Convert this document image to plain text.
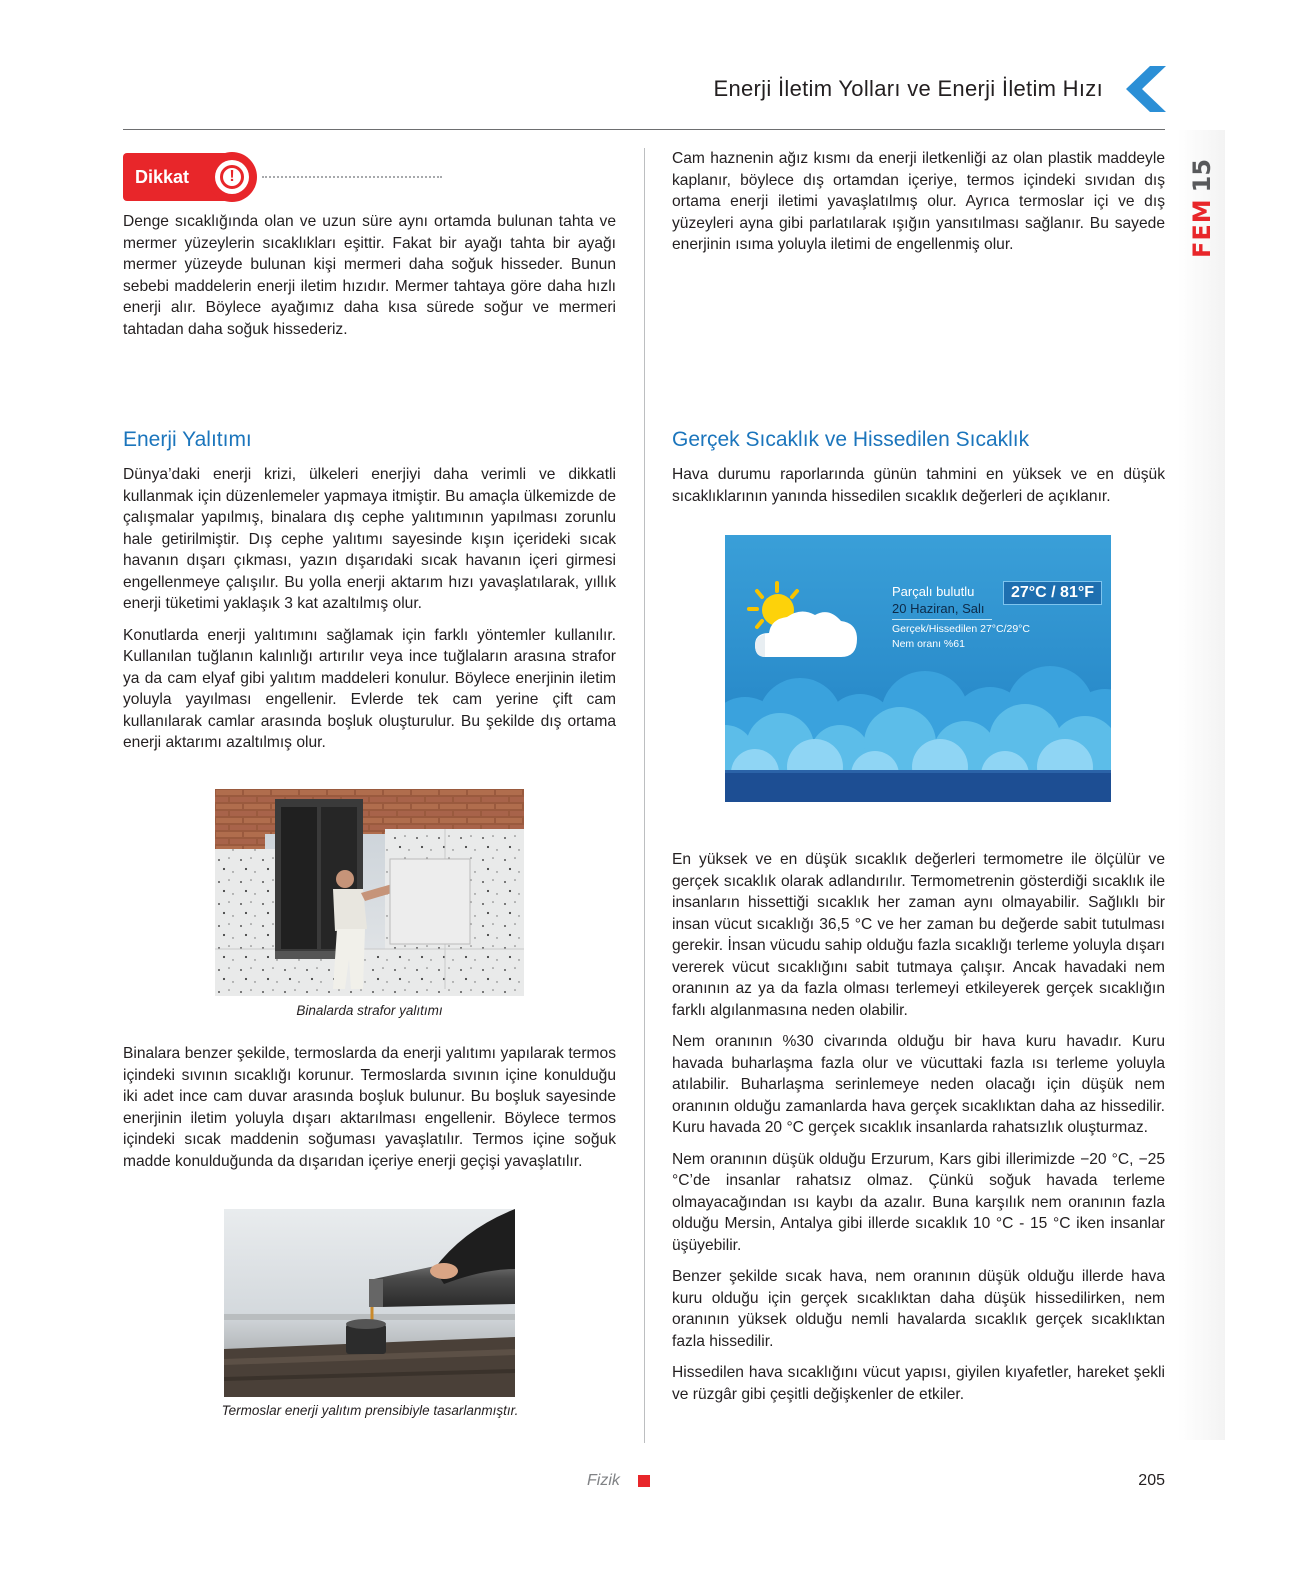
Enerji İletim Yolları ve Enerji İletim Hızı
FEM
15
Dikkat	!

Denge sıcaklığında olan ve uzun süre aynı ortamda bulunan tahta ve mermer yüzeylerin sıcaklıkları eşittir. Fakat bir ayağı tahta bir ayağı mermer yüzeyde bulunan kişi mermeri daha soğuk hisseder. Bunun sebebi maddelerin enerji iletim hızıdır. Mermer tahtaya göre daha hızlı enerji alır. Böylece ayağımız daha kısa sürede soğur ve mermeri tahtadan daha soğuk hissederiz.

Enerji Yalıtımı

Dünya’daki enerji krizi, ülkeleri enerjiyi daha verimli ve dikkatli kullanmak için düzenlemeler yapmaya itmiştir. Bu amaçla ülkemizde de çalışmalar yapılmış, binalara dış cephe yalıtımının yapılması zorunlu hale getirilmiştir. Dış cephe yalıtımı sayesinde kışın içerideki sıcak havanın dışarı çıkması, yazın dışarıdaki sıcak havanın içeri girmesi engellenmeye çalışılır. Bu yolla enerji aktarım hızı yavaşlatılarak, yıllık enerji tüketimi yaklaşık 3 kat azaltılmış olur.

Konutlarda enerji yalıtımını sağlamak için farklı yöntemler kullanılır. Kullanılan tuğlanın kalınlığı artırılır veya ince tuğlaların arasına strafor ya da cam elyaf gibi yalıtım maddeleri konulur. Böylece enerjinin iletim yoluyla yayılması engellenir. Evlerde tek cam yerine çift cam kullanılarak camlar arasında boşluk oluşturulur. Bu şekilde dış ortama enerji aktarımı azaltılmış olur.

Binalarda strafor yalıtımı

Binalara benzer şekilde, termoslarda da enerji yalıtımı yapılarak termos içindeki sıvının sıcaklığı korunur. Termoslarda sıvının içine konulduğu iki adet ince cam duvar arasında boşluk bulunur. Bu boşluk sayesinde enerjinin iletim yoluyla dışarı aktarılması engellenir. Böylece termos içindeki sıcak maddenin soğuması yavaşlatılır. Termos içine soğuk madde konulduğunda da dışarıdan içeriye enerji geçişi yavaşlatılır.

Termoslar enerji yalıtım prensibiyle tasarlanmıştır.

Cam haznenin ağız kısmı da enerji iletkenliği az olan plastik maddeyle kaplanır, böylece dış ortamdan içeriye, termos içindeki sıvıdan dış ortama enerji iletimi yavaşlatılmış olur. Ayrıca termoslar içi ve dış yüzeyleri ayna gibi parlatılarak ışığın yansıtılması sağlanır. Bu sayede enerjinin ısıma yoluyla iletimi de engellenmiş olur.

Gerçek Sıcaklık ve Hissedilen Sıcaklık

Hava durumu raporlarında günün tahmini en yüksek ve en düşük sıcaklıklarının yanında hissedilen sıcaklık değerleri de açıklanır.

Parçalı bulutlu	27°C / 81°F
20 Haziran, Salı
Gerçek/Hissedilen 27°C/29°C
Nem oranı %61

En yüksek ve en düşük sıcaklık değerleri termometre ile ölçülür ve gerçek sıcaklık olarak adlandırılır. Termometrenin gösterdiği sıcaklık ile insanların hissettiği sıcaklık her zaman aynı olmayabilir. Sağlıklı bir insan vücut sıcaklığı 36,5 °C ve her zaman bu değerde sabit tutulması gerekir. İnsan vücudu sahip olduğu fazla sıcaklığı terleme yoluyla dışarı vererek vücut sıcaklığını sabit tutmaya çalışır. Ancak havadaki nem oranının az ya da fazla olması terlemeyi etkileyerek gerçek sıcaklığın farklı algılanmasına neden olabilir.

Nem oranının %30 civarında olduğu bir hava kuru havadır. Kuru havada buharlaşma fazla olur ve vücuttaki fazla ısı terleme yoluyla atılabilir. Buharlaşma serinlemeye neden olacağı için düşük nem oranının olduğu zamanlarda hava gerçek sıcaklıktan daha az hissedilir. Kuru havada 20 °C gerçek sıcaklık insanlarda rahatsızlık oluşturmaz.

Nem oranının düşük olduğu Erzurum, Kars gibi illerimizde −20 °C, −25 °C’de insanlar rahatsız olmaz. Çünkü soğuk havada terleme olmayacağından ısı kaybı da azalır. Buna karşılık nem oranının fazla olduğu Mersin, Antalya gibi illerde sıcaklık 10 °C - 15 °C iken insanlar üşüyebilir.

Benzer şekilde sıcak hava, nem oranının düşük olduğu illerde hava kuru olduğu için gerçek sıcaklıktan daha düşük hissedilirken, nem oranının yüksek olduğu nemli havalarda sıcaklık gerçek sıcaklıktan fazla hissedilir.

Hissedilen hava sıcaklığını vücut yapısı, giyilen kıyafetler, hareket şekli ve rüzgâr gibi çeşitli değişkenler de etkiler.

Fizik	205
